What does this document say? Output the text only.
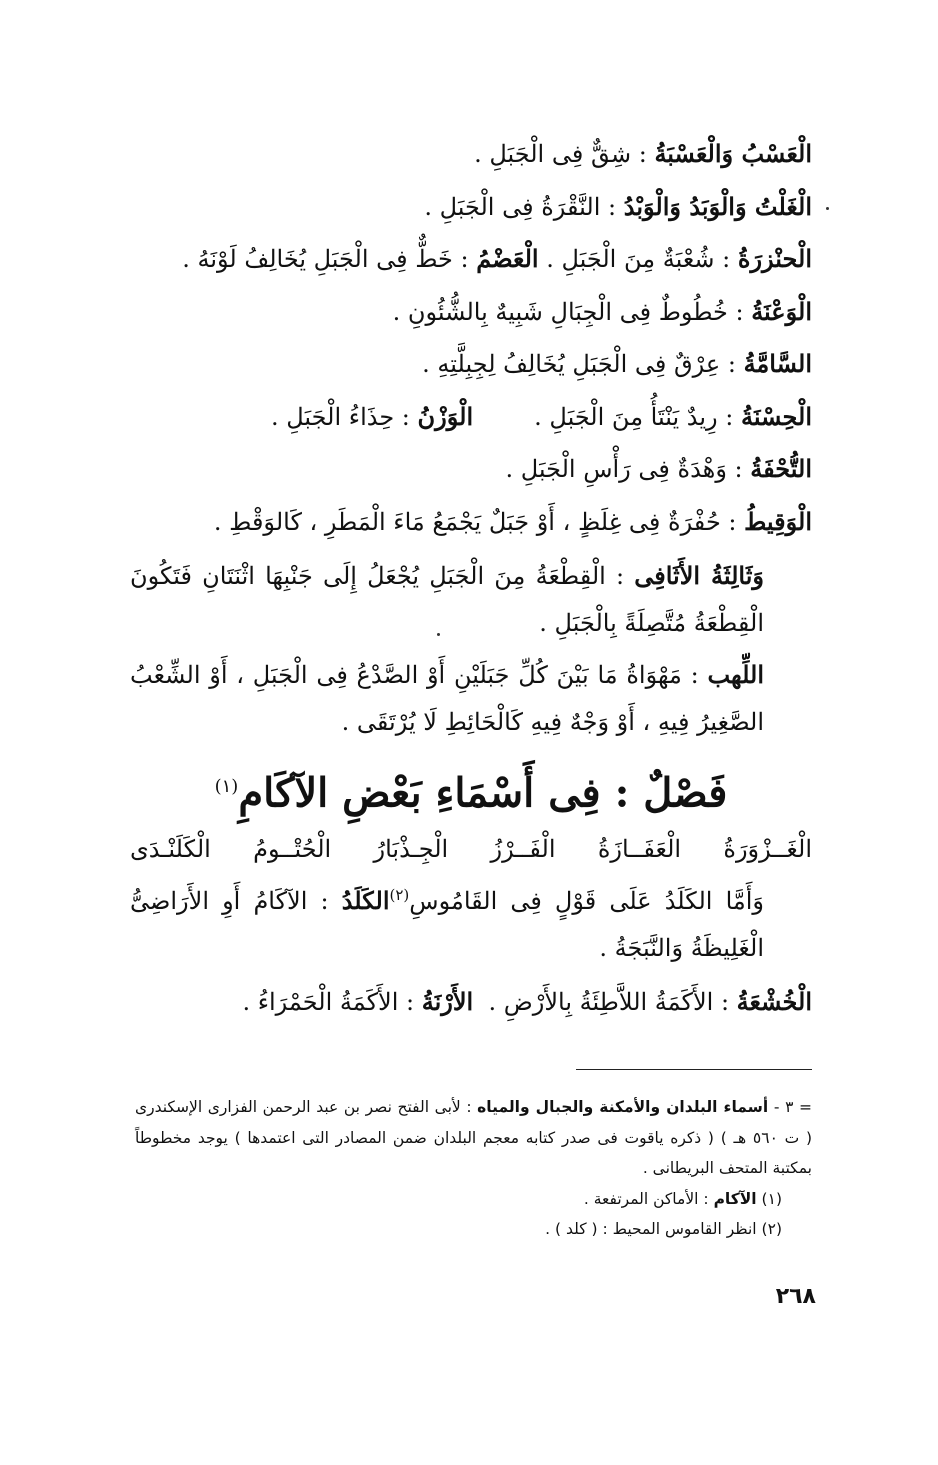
الْعَسْبُ وَالْعَسْبَةُ : شِقٌّ فِى الْجَبَلِ .
الْغَلْتُ وَالْوَبَدُ وَالْوَبْدُ : النَّقْرَةُ فِى الْجَبَلِ .
الْحنْزرَةُ : شُعْبَةٌ مِنَ الْجَبَلِ . الْعَضْمُ : خَطٌّ فِى الْجَبَلِ يُخَالِفُ لَوْنَهُ .
الْوَعْنَةُ : خُطُوطٌ فِى الْجِبَالِ شَبِيهٌ بِالشُّئُونِ .
السَّامَّةُ : عِرْقٌ فِى الْجَبَلِ يُخَالِفُ لِجِبِلَّتِهِ .
الْحِسْنَةُ : رِيدٌ يَنْتَأُ مِنَ الْجَبَلِ .        الْوَزْنُ : حِذَاءُ الْجَبَلِ .
التُّحْفَةُ : وَهْدَةٌ فِى رَأْسِ الْجَبَلِ .
الْوَقِيطُ : حُفْرَةٌ فِى غِلَظٍ ، أَوْ جَبَلٌ يَجْمَعُ مَاءَ الْمَطَرِ ، كَالوَقْطِ .
وَثَالِثَةُ الأَثَافِى : الْقِطْعَةُ مِنَ الْجَبَلِ يُجْعَلُ إِلَى جَنْبِهَا اثْنَتَانِ فَتَكُونَ الْقِطْعَةُ مُتَّصِلَةً بِالْجَبَلِ .
اللِّهب : مَهْوَاةُ مَا بَيْنَ كُلِّ جَبَلَيْنِ أَوْ الصَّدْعُ فِى الْجَبَلِ ، أَوْ الشِّعْبُ الصَّغِيرُ فِيهِ ، أَوْ وَجْهٌ فِيهِ كَالْحَائِطِ لَا يُرْتَقَى .
فَصْلٌ : فِى أَسْمَاءِ بَعْضِ الآكَامِ$^{(١)}$
الْغَــزْوَرَةُ الْعَفَــازَةُ الْفَــرْزُ الْجِـذْبَارُ الْحُتْــومُ الْكَلَنْـدَى
وَأَمَّا الكَلَدُ عَلَى قَوْلٍ فِى القَامُوسِ$^{(٢)}$الكَلَدُ : الآكَامُ أَوِ الأَرَاضِىُّ الْغَلِيظَةُ وَالنَّبَجَةُ .
الْخُشْعَةُ : الأَكَمَةُ اللاَّطِئَةُ بِالأَرْضِ .  الأَرْنَةُ : الأَكَمَةُ الْحَمْرَاءُ .
= ٣ - أسماء البلدان والأمكنة والجبال والمياه : لأبى الفتح نصر بن عبد الرحمن الفزارى الإسكندرى ( ت ٥٦٠ هـ ) ( ذكره ياقوت فى صدر كتابه معجم البلدان ضمن المصادر التى اعتمدها ) يوجد مخطوطاً بمكتبة المتحف البريطانى .
(١) الآكام : الأماكن المرتفعة .
(٢) انظر القاموس المحيط : ( كلد ) .
٢٦٨
